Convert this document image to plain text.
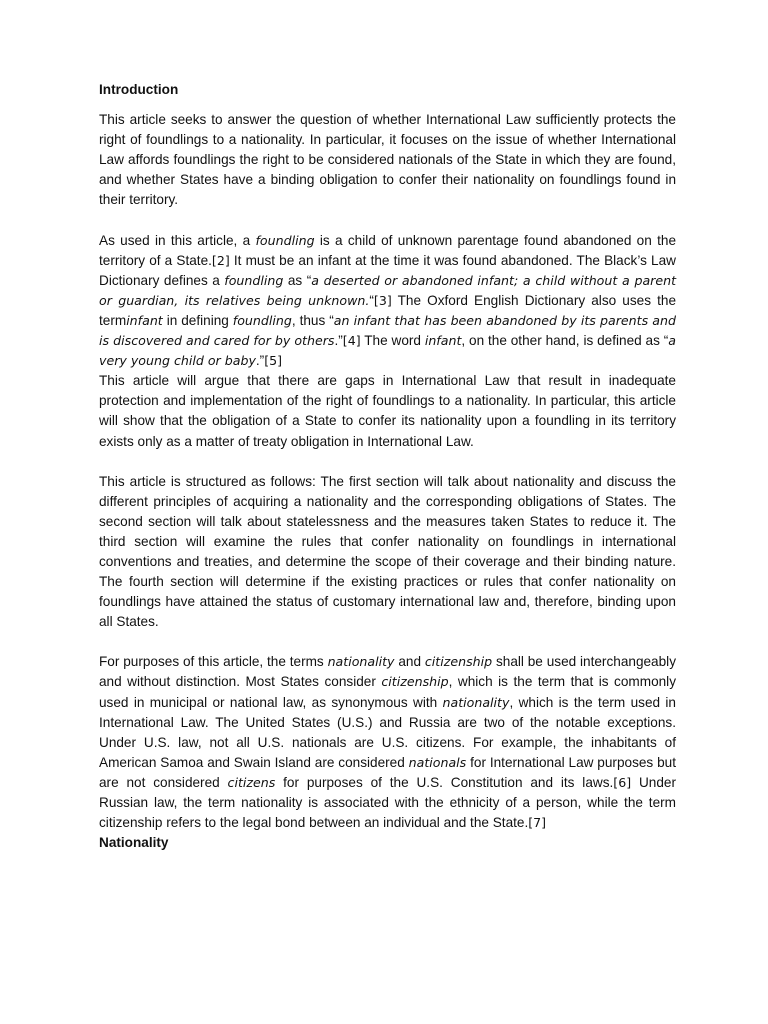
Introduction

This article seeks to answer the question of whether International Law sufficiently protects the right of foundlings to a nationality. In particular, it focuses on the issue of whether International Law affords foundlings the right to be considered nationals of the State in which they are found, and whether States have a binding obligation to confer their nationality on foundlings found in their territory.

As used in this article, a foundling is a child of unknown parentage found abandoned on the territory of a State.[2] It must be an infant at the time it was found abandoned. The Black’s Law Dictionary defines a foundling as “a deserted or abandoned infant; a child without a parent or guardian, its relatives being unknown.“[3] The Oxford English Dictionary also uses the terminfant in defining foundling, thus “an infant that has been abandoned by its parents and is discovered and cared for by others.”[4] The word infant, on the other hand, is defined as “a very young child or baby.”[5]

This article will argue that there are gaps in International Law that result in inadequate protection and implementation of the right of foundlings to a nationality. In particular, this article will show that the obligation of a State to confer its nationality upon a foundling in its territory exists only as a matter of treaty obligation in International Law.

This article is structured as follows: The first section will talk about nationality and discuss the different principles of acquiring a nationality and the corresponding obligations of States. The second section will talk about statelessness and the measures taken States to reduce it. The third section will examine the rules that confer nationality on foundlings in international conventions and treaties, and determine the scope of their coverage and their binding nature. The fourth section will determine if the existing practices or rules that confer nationality on foundlings have attained the status of customary international law and, therefore, binding upon all States.

For purposes of this article, the terms nationality and citizenship shall be used interchangeably and without distinction. Most States consider citizenship, which is the term that is commonly used in municipal or national law, as synonymous with nationality, which is the term used in International Law. The United States (U.S.) and Russia are two of the notable exceptions. Under U.S. law, not all U.S. nationals are U.S. citizens. For example, the inhabitants of American Samoa and Swain Island are considered nationals for International Law purposes but are not considered citizens for purposes of the U.S. Constitution and its laws.[6] Under Russian law, the term nationality is associated with the ethnicity of a person, while the term citizenship refers to the legal bond between an individual and the State.[7]

Nationality
